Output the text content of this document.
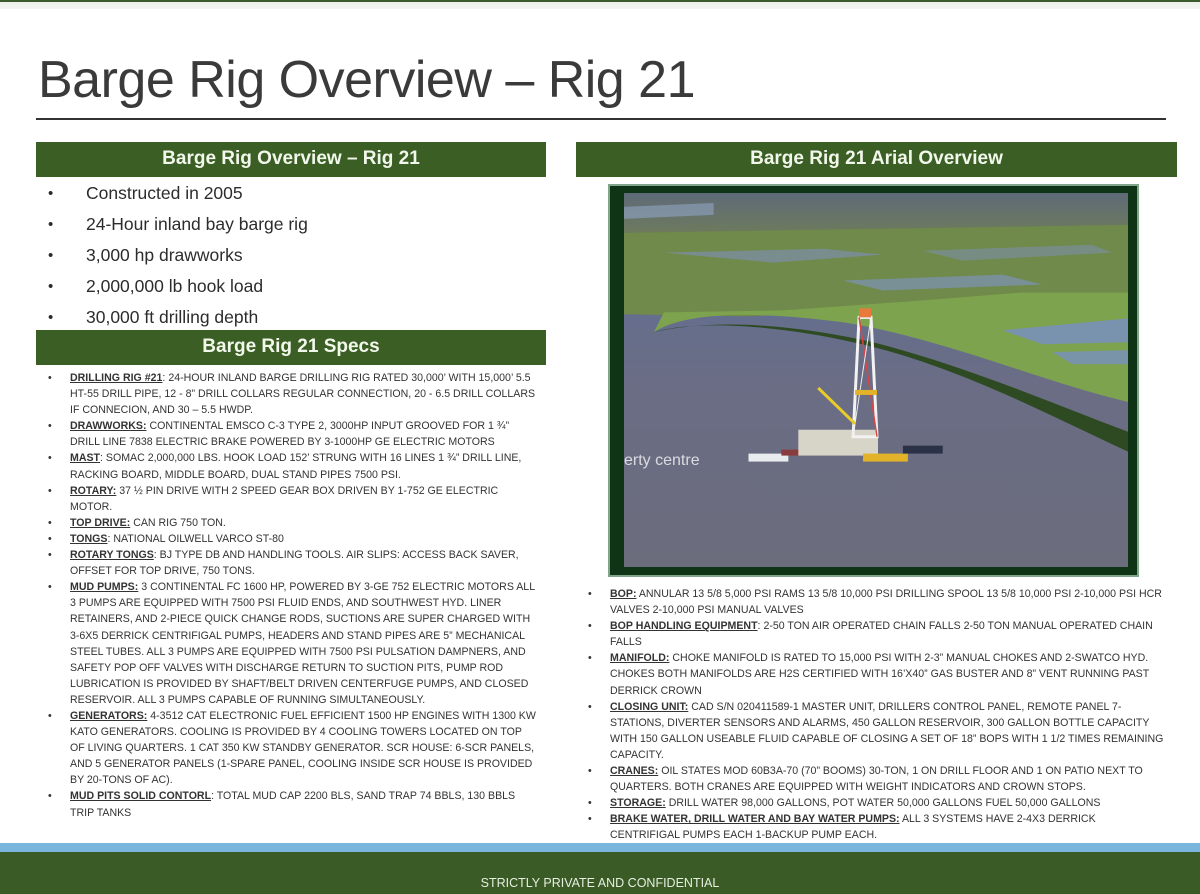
Barge Rig Overview – Rig 21
Barge Rig Overview – Rig 21
• Constructed in 2005
• 24-Hour inland bay barge rig
• 3,000 hp drawworks
• 2,000,000 lb hook load
• 30,000 ft drilling depth
Barge Rig 21 Specs
• DRILLING RIG #21: 24-HOUR INLAND BARGE DRILLING RIG RATED 30,000’ WITH 15,000’ 5.5 HT-55 DRILL PIPE, 12 - 8” DRILL COLLARS REGULAR CONNECTION, 20 - 6.5 DRILL COLLARS IF CONNECION, AND 30 – 5.5 HWDP.
• DRAWWORKS: CONTINENTAL EMSCO C-3 TYPE 2, 3000HP INPUT GROOVED FOR 1 ¾” DRILL LINE 7838 ELECTRIC BRAKE POWERED BY 3-1000HP GE ELECTRIC MOTORS
• MAST: SOMAC 2,000,000 LBS. HOOK LOAD 152’ STRUNG WITH 16 LINES 1 ¾” DRILL LINE, RACKING BOARD, MIDDLE BOARD, DUAL STAND PIPES 7500 PSI.
• ROTARY: 37 ½ PIN DRIVE WITH 2 SPEED GEAR BOX DRIVEN BY 1-752 GE ELECTRIC MOTOR.
• TOP DRIVE: CAN RIG 750 TON.
• TONGS: NATIONAL OILWELL VARCO ST-80
• ROTARY TONGS: BJ TYPE DB AND HANDLING TOOLS. AIR SLIPS: ACCESS BACK SAVER, OFFSET FOR TOP DRIVE, 750 TONS.
• MUD PUMPS: 3 CONTINENTAL FC 1600 HP, POWERED BY 3-GE 752 ELECTRIC MOTORS ALL 3 PUMPS ARE EQUIPPED WITH 7500 PSI FLUID ENDS, AND SOUTHWEST HYD. LINER RETAINERS, AND 2-PIECE QUICK CHANGE RODS, SUCTIONS ARE SUPER CHARGED WITH 3-6X5 DERRICK CENTRIFIGAL PUMPS, HEADERS AND STAND PIPES ARE 5” MECHANICAL STEEL TUBES. ALL 3 PUMPS ARE EQUIPPED WITH 7500 PSI PULSATION DAMPNERS, AND SAFETY POP OFF VALVES WITH DISCHARGE RETURN TO SUCTION PITS, PUMP ROD LUBRICATION IS PROVIDED BY SHAFT/BELT DRIVEN CENTERFUGE PUMPS, AND CLOSED RESERVOIR. ALL 3 PUMPS CAPABLE OF RUNNING SIMULTANEOUSLY.
• GENERATORS: 4-3512 CAT ELECTRONIC FUEL EFFICIENT 1500 HP ENGINES WITH 1300 KW KATO GENERATORS. COOLING IS PROVIDED BY 4 COOLING TOWERS LOCATED ON TOP OF LIVING QUARTERS. 1 CAT 350 KW STANDBY GENERATOR. SCR HOUSE: 6-SCR PANELS, AND 5 GENERATOR PANELS (1-SPARE PANEL, COOLING INSIDE SCR HOUSE IS PROVIDED BY 20-TONS OF AC).
• MUD PITS SOLID CONTORL: TOTAL MUD CAP 2200 BLS, SAND TRAP 74 BBLS, 130 BBLS TRIP TANKS
Barge Rig 21 Arial Overview
erty centre
• BOP: ANNULAR 13 5/8 5,000 PSI RAMS 13 5/8 10,000 PSI DRILLING SPOOL 13 5/8 10,000 PSI 2-10,000 PSI HCR VALVES 2-10,000 PSI MANUAL VALVES
• BOP HANDLING EQUIPMENT: 2-50 TON AIR OPERATED CHAIN FALLS 2-50 TON MANUAL OPERATED CHAIN FALLS
• MANIFOLD: CHOKE MANIFOLD IS RATED TO 15,000 PSI WITH 2-3” MANUAL CHOKES AND 2-SWATCO HYD. CHOKES BOTH MANIFOLDS ARE H2S CERTIFIED WITH 16’X40” GAS BUSTER AND 8” VENT RUNNING PAST DERRICK CROWN
• CLOSING UNIT: CAD S/N 020411589-1 MASTER UNIT, DRILLERS CONTROL PANEL, REMOTE PANEL 7-STATIONS, DIVERTER SENSORS AND ALARMS, 450 GALLON RESERVOIR, 300 GALLON BOTTLE CAPACITY WITH 150 GALLON USEABLE FLUID CAPABLE OF CLOSING A SET OF 18” BOPS WITH 1 1/2 TIMES REMAINING CAPACITY.
• CRANES: OIL STATES MOD 60B3A-70 (70” BOOMS) 30-TON, 1 ON DRILL FLOOR AND 1 ON PATIO NEXT TO QUARTERS. BOTH CRANES ARE EQUIPPED WITH WEIGHT INDICATORS AND CROWN STOPS.
• STORAGE: DRILL WATER 98,000 GALLONS, POT WATER 50,000 GALLONS FUEL 50,000 GALLONS
• BRAKE WATER, DRILL WATER AND BAY WATER PUMPS: ALL 3 SYSTEMS HAVE 2-4X3 DERRICK CENTRIFIGAL PUMPS EACH 1-BACKUP PUMP EACH.
STRICTLY PRIVATE AND CONFIDENTIAL
